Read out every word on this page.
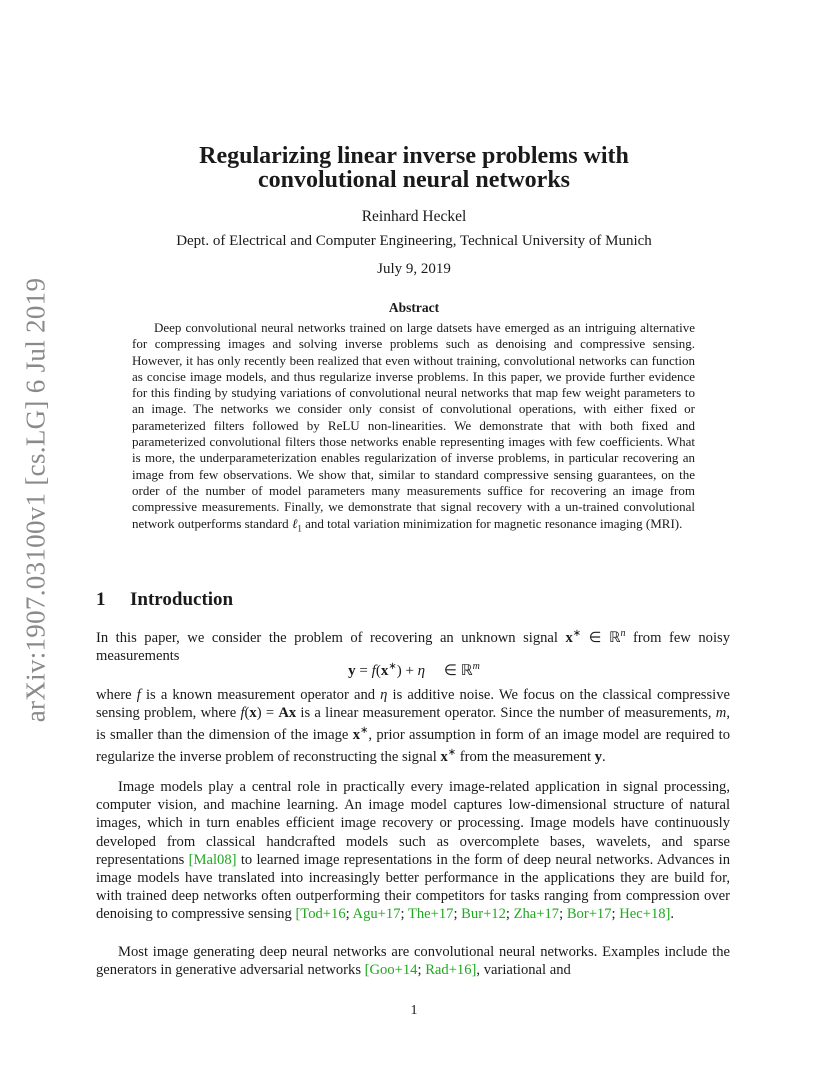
arXiv:1907.03100v1 [cs.LG] 6 Jul 2019
Regularizing linear inverse problems with
convolutional neural networks
Reinhard Heckel
Dept. of Electrical and Computer Engineering, Technical University of Munich
July 9, 2019
Abstract
Deep convolutional neural networks trained on large datsets have emerged as an intriguing alternative for compressing images and solving inverse problems such as denoising and compressive sensing. However, it has only recently been realized that even without training, convolutional networks can function as concise image models, and thus regularize inverse problems. In this paper, we provide further evidence for this finding by studying variations of convolutional neural networks that map few weight parameters to an image. The networks we consider only consist of convolutional operations, with either fixed or parameterized filters followed by ReLU non-linearities. We demonstrate that with both fixed and parameterized convolutional filters those networks enable representing images with few coefficients. What is more, the underparameterization enables regularization of inverse problems, in particular recovering an image from few observations. We show that, similar to standard compressive sensing guarantees, on the order of the number of model parameters many measurements suffice for recovering an image from compressive measurements. Finally, we demonstrate that signal recovery with a un-trained convolutional network outperforms standard ℓ$_1$ and total variation minimization for magnetic resonance imaging (MRI).
1 Introduction
In this paper, we consider the problem of recovering an unknown signal x∗ ∈ ℝ$^n$ from few noisy measurements
y = f(x∗) + η     ∈ ℝ$^m$
where f is a known measurement operator and η is additive noise. We focus on the classical compressive sensing problem, where f(x) = Ax is a linear measurement operator. Since the number of measurements, m, is smaller than the dimension of the image x∗, prior assumption in form of an image model are required to regularize the inverse problem of reconstructing the signal x∗ from the measurement y.
Image models play a central role in practically every image-related application in signal processing, computer vision, and machine learning. An image model captures low-dimensional structure of natural images, which in turn enables efficient image recovery or processing. Image models have continuously developed from classical handcrafted models such as overcomplete bases, wavelets, and sparse representations [Mal08] to learned image representations in the form of deep neural networks. Advances in image models have translated into increasingly better performance in the applications they are build for, with trained deep networks often outperforming their competitors for tasks ranging from compression over denoising to compressive sensing [Tod+16; Agu+17; The+17; Bur+12; Zha+17; Bor+17; Hec+18].
Most image generating deep neural networks are convolutional neural networks. Examples include the generators in generative adversarial networks [Goo+14; Rad+16], variational and
1
